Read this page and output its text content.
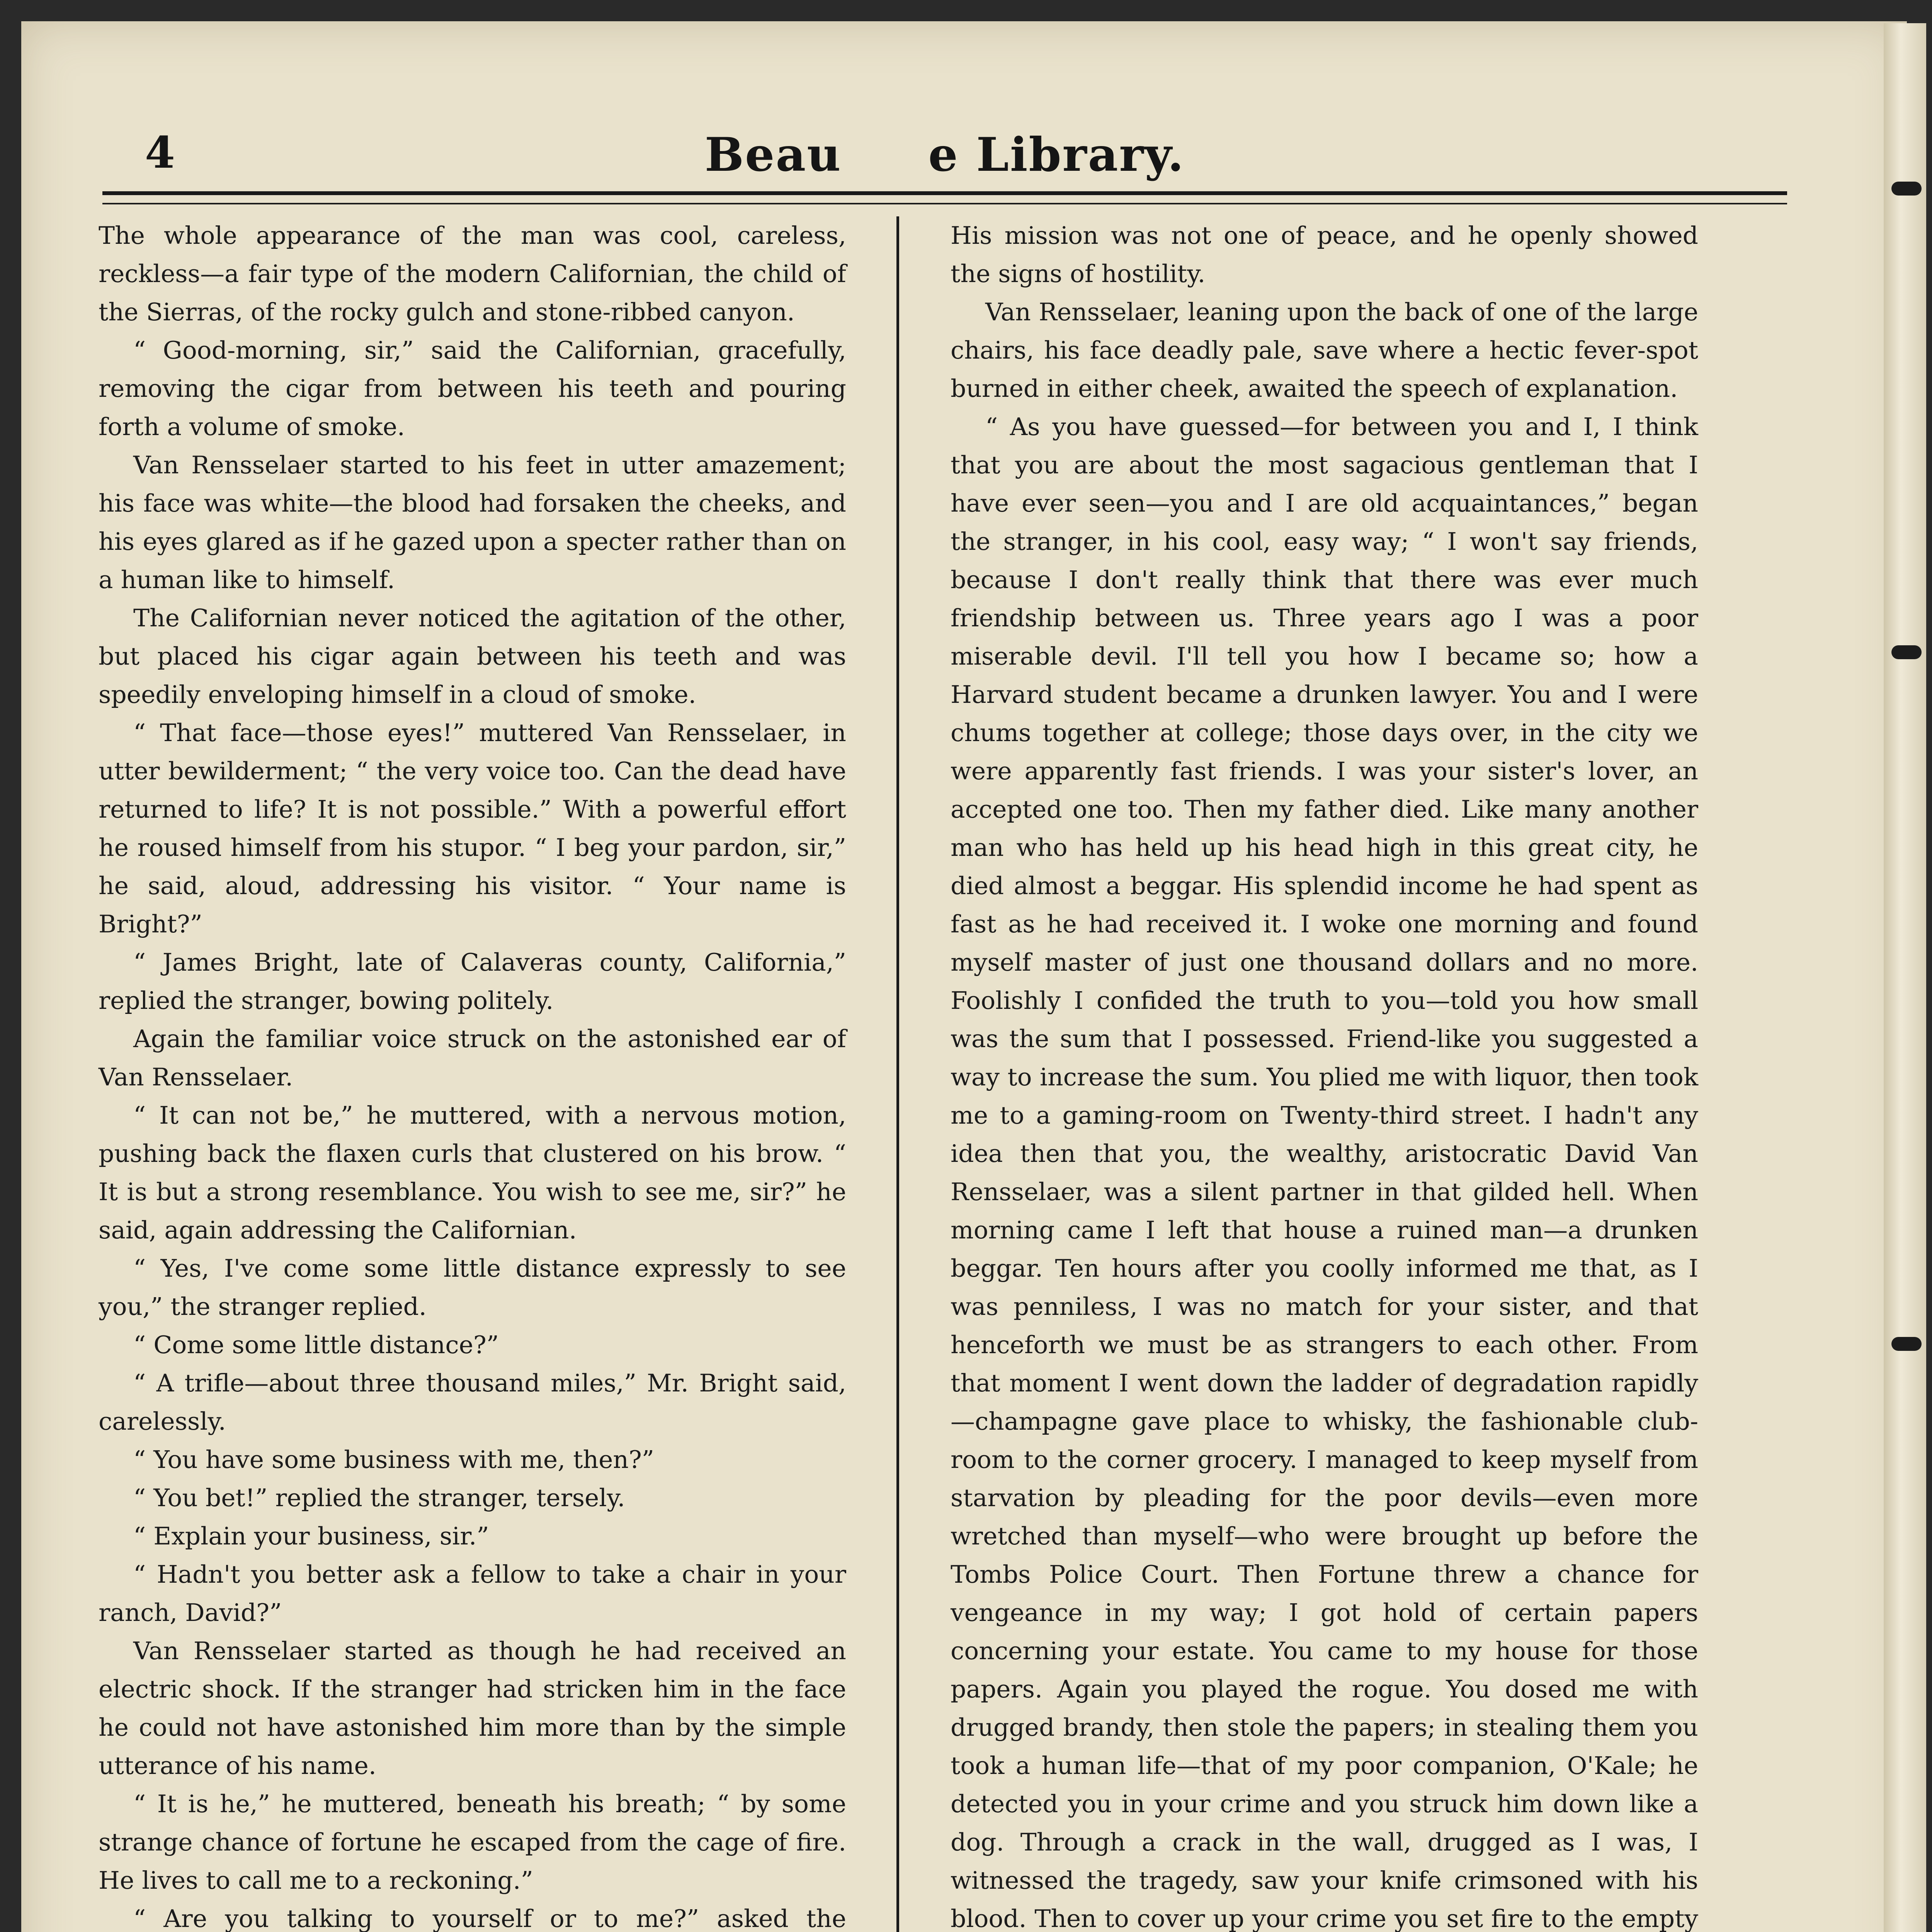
4	Beau     e Library.

The whole appearance of the man was cool, careless, reckless—a fair type of the modern Californian, the child of the Sierras, of the rocky gulch and stone-ribbed canyon.

“ Good-morning, sir,” said the Californian, gracefully, removing the cigar from between his teeth and pouring forth a volume of smoke.

Van Rensselaer started to his feet in utter amazement; his face was white—the blood had forsaken the cheeks, and his eyes glared as if he gazed upon a specter rather than on a human like to himself.

The Californian never noticed the agitation of the other, but placed his cigar again between his teeth and was speedily enveloping himself in a cloud of smoke.

“ That face—those eyes!” muttered Van Rensselaer, in utter bewilderment; “ the very voice too. Can the dead have returned to life? It is not possible.” With a powerful effort he roused himself from his stupor. “ I beg your pardon, sir,” he said, aloud, addressing his visitor. “ Your name is Bright?”

“ James Bright, late of Calaveras county, California,” replied the stranger, bowing politely.

Again the familiar voice struck on the astonished ear of Van Rensselaer.

“ It can not be,” he muttered, with a nervous motion, pushing back the flaxen curls that clustered on his brow. “ It is but a strong resemblance. You wish to see me, sir?” he said, again addressing the Californian.

“ Yes, I've come some little distance expressly to see you,” the stranger replied.

“ Come some little distance?”

“ A trifle—about three thousand miles,” Mr. Bright said, carelessly.

“ You have some business with me, then?”

“ You bet!” replied the stranger, tersely.

“ Explain your business, sir.”

“ Hadn't you better ask a fellow to take a chair in your ranch, David?”

Van Rensselaer started as though he had received an electric shock. If the stranger had stricken him in the face he could not have astonished him more than by the simple utterance of his name.

“ It is he,” he muttered, beneath his breath; “ by some strange chance of fortune he escaped from the cage of fire. He lives to call me to a reckoning.”

“ Are you talking to yourself or to me?” asked the

His mission was not one of peace, and he openly showed the signs of hostility.

Van Rensselaer, leaning upon the back of one of the large chairs, his face deadly pale, save where a hectic fever-spot burned in either cheek, awaited the speech of explanation.

“ As you have guessed—for between you and I, I think that you are about the most sagacious gentleman that I have ever seen—you and I are old acquaintances,” began the stranger, in his cool, easy way; “ I won't say friends, because I don't really think that there was ever much friendship between us. Three years ago I was a poor miserable devil. I'll tell you how I became so; how a Harvard student became a drunken lawyer. You and I were chums together at college; those days over, in the city we were apparently fast friends. I was your sister's lover, an accepted one too. Then my father died. Like many another man who has held up his head high in this great city, he died almost a beggar. His splendid income he had spent as fast as he had received it. I woke one morning and found myself master of just one thousand dollars and no more. Foolishly I confided the truth to you—told you how small was the sum that I possessed. Friend-like you suggested a way to increase the sum. You plied me with liquor, then took me to a gaming-room on Twenty-third street. I hadn't any idea then that you, the wealthy, aristocratic David Van Rensselaer, was a silent partner in that gilded hell. When morning came I left that house a ruined man—a drunken beggar. Ten hours after you coolly informed me that, as I was penniless, I was no match for your sister, and that henceforth we must be as strangers to each other. From that moment I went down the ladder of degradation rapidly—champagne gave place to whisky, the fashionable club-room to the corner grocery. I managed to keep myself from starvation by pleading for the poor devils—even more wretched than myself—who were brought up before the Tombs Police Court. Then Fortune threw a chance for vengeance in my way; I got hold of certain papers concerning your estate. You came to my house for those papers. Again you played the rogue. You dosed me with drugged brandy, then stole the papers; in stealing them you took a human life—that of my poor companion, O'Kale; he detected you in your crime and you struck him down like a dog. Through a crack in the wall, drugged as I was, I witnessed the tragedy, saw your knife crimsoned with his blood. Then to cover up your crime you set fire to the empty
